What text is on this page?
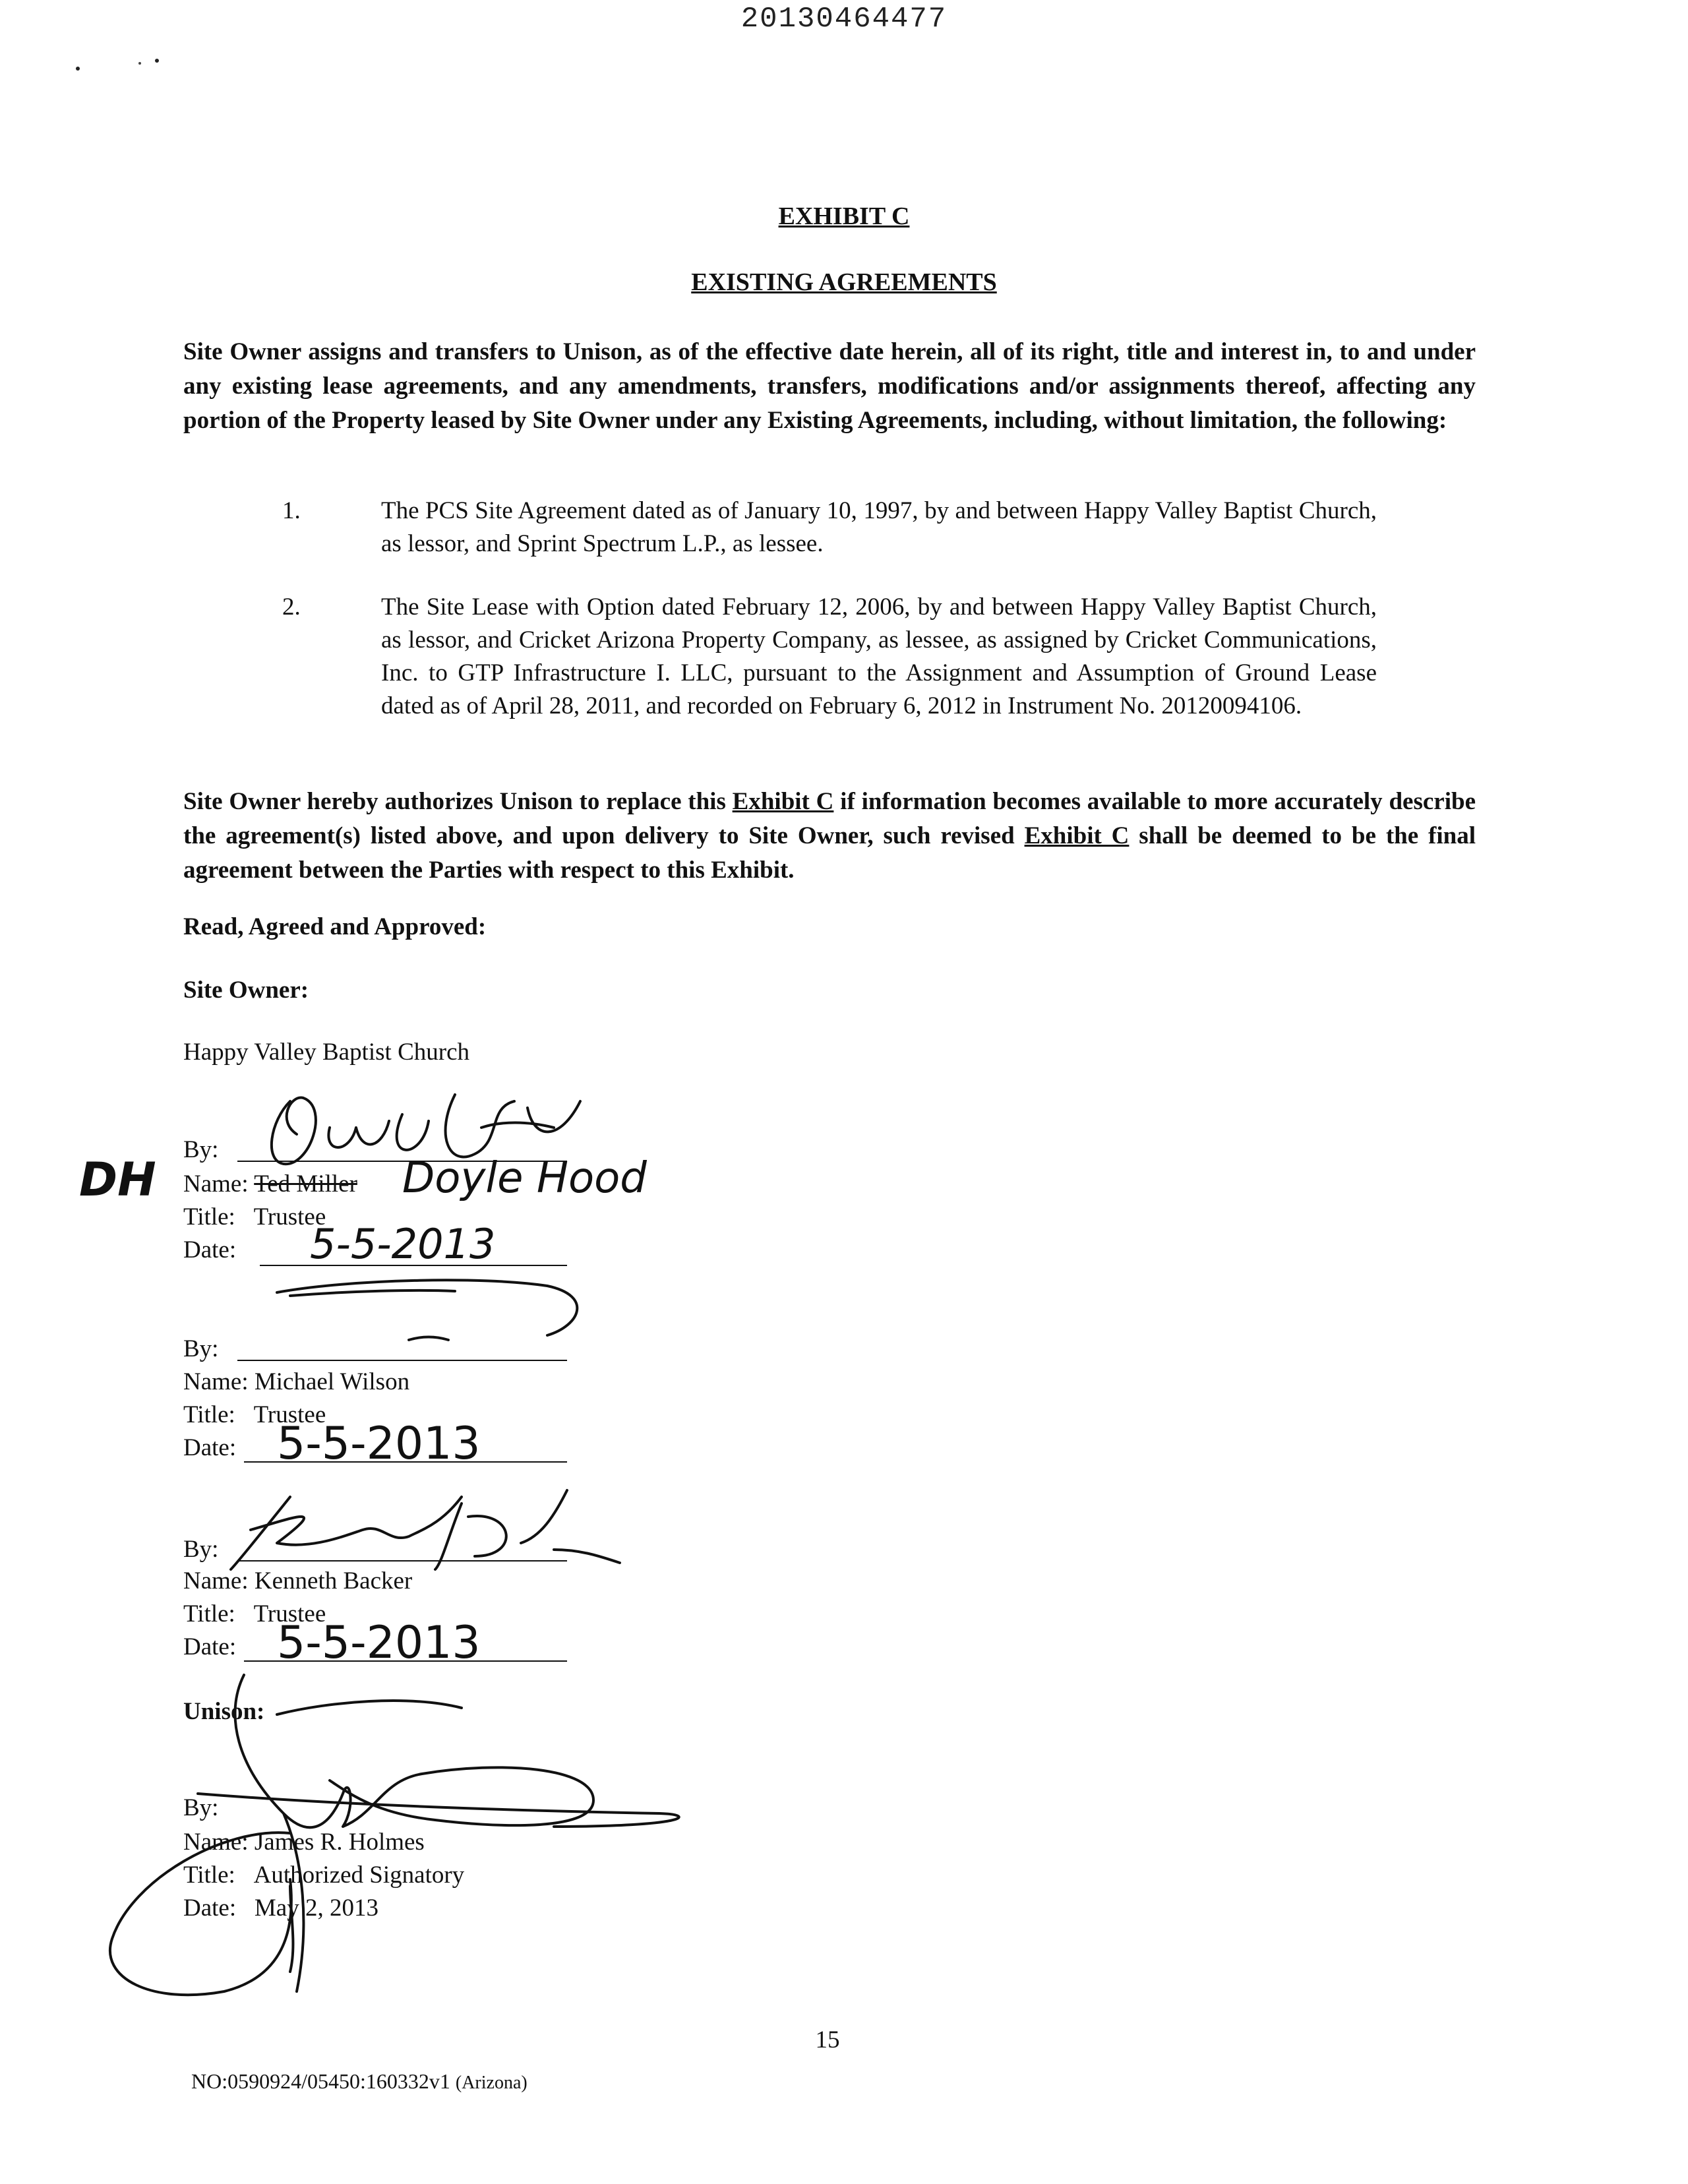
20130464477
EXHIBIT C
EXISTING AGREEMENTS
Site Owner assigns and transfers to Unison, as of the effective date herein, all of its right, title and interest in, to and under any existing lease agreements, and any amendments, transfers, modifications and/or assignments thereof, affecting any portion of the Property leased by Site Owner under any Existing Agreements, including, without limitation, the following:
1.	The PCS Site Agreement dated as of January 10, 1997, by and between Happy Valley Baptist Church, as lessor, and Sprint Spectrum L.P., as lessee.
2.	The Site Lease with Option dated February 12, 2006, by and between Happy Valley Baptist Church, as lessor, and Cricket Arizona Property Company, as lessee, as assigned by Cricket Communications, Inc. to GTP Infrastructure I. LLC, pursuant to the Assignment and Assumption of Ground Lease dated as of April 28, 2011, and recorded on February 6, 2012 in Instrument No. 20120094106.
Site Owner hereby authorizes Unison to replace this Exhibit C if information becomes available to more accurately describe the agreement(s) listed above, and upon delivery to Site Owner, such revised Exhibit C shall be deemed to be the final agreement between the Parties with respect to this Exhibit.
Read, Agreed and Approved:
Site Owner:
Happy Valley Baptist Church
By:
Name: Ted Miller Doyle Hood
DH
Title: Trustee
Date: 5-5-2013
By:
Name: Michael Wilson
Title: Trustee
Date: 5-5-2013
By:
Name: Kenneth Backer
Title: Trustee
Date: 5-5-2013
Unison:
By:
Name: James R. Holmes
Title: Authorized Signatory
Date: May 2, 2013
15
NO:0590924/05450:160332v1 (Arizona)
